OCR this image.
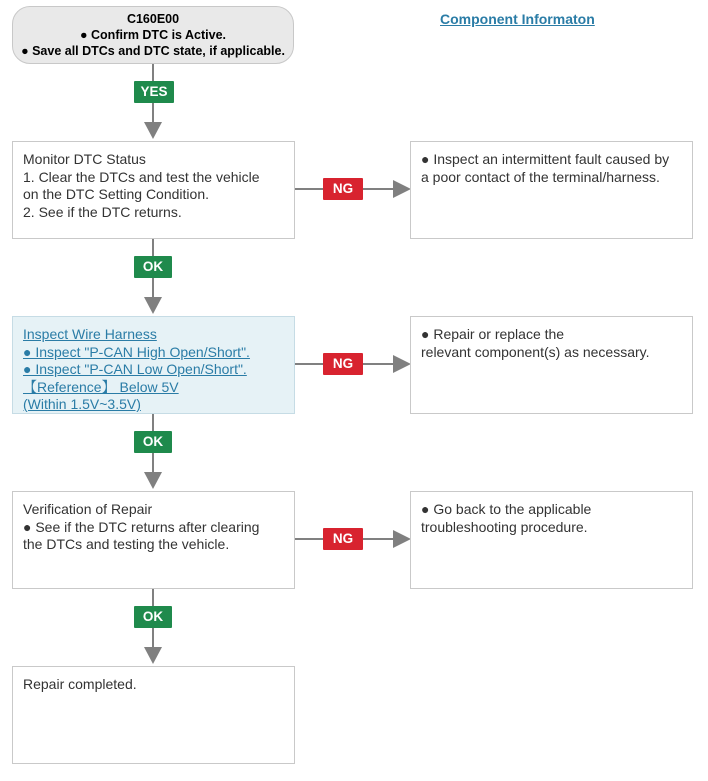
C160E00
● Confirm DTC is Active.
● Save all DTCs and DTC state, if applicable.
Component Informaton
YES
Monitor DTC Status
1. Clear the DTCs and test the vehicle
on the DTC Setting Condition.
2. See if the DTC returns.
NG
● Inspect an intermittent fault caused by
a poor contact of the terminal/harness.
OK
Inspect Wire Harness
● Inspect "P-CAN High Open/Short".
● Inspect "P-CAN Low Open/Short".
【Reference】 Below 5V
(Within 1.5V~3.5V)
NG
● Repair or replace the
relevant component(s) as necessary.
OK
Verification of Repair
● See if the DTC returns after clearing
the DTCs and testing the vehicle.	NG
● Go back to the applicable
troubleshooting procedure.
OK
Repair completed.
